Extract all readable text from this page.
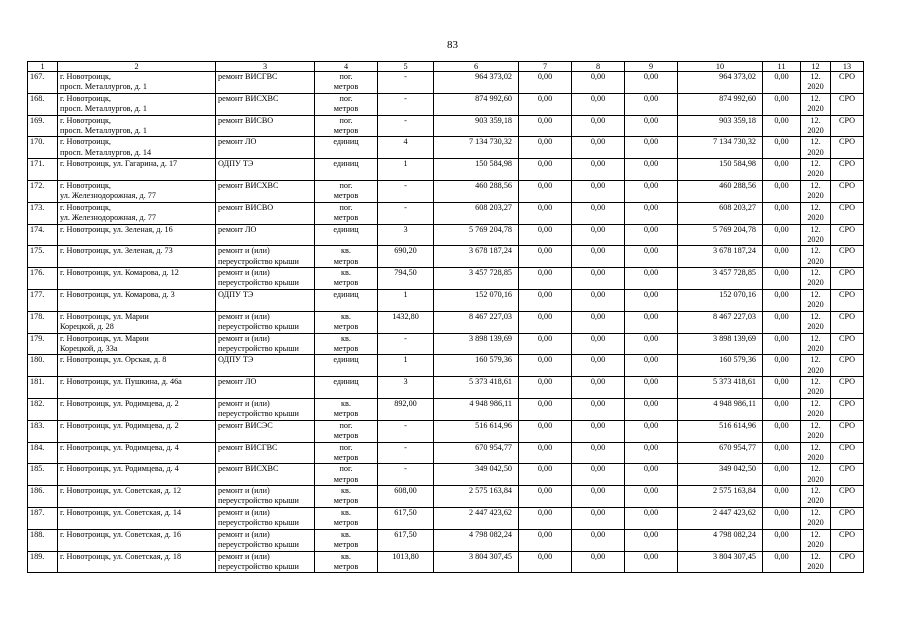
83
1	2	3	4	5	6	7	8	9	10	11	12	13
167.	г. Новотроицк,
просп. Металлургов, д. 1	ремонт ВИСГВС	пог.
метров	-	964 373,02	0,00	0,00	0,00	964 373,02	0,00	12.
2020	СРО
168.	г. Новотроицк,
просп. Металлургов, д. 1	ремонт ВИСХВС	пог.
метров	-	874 992,60	0,00	0,00	0,00	874 992,60	0,00	12.
2020	СРО
169.	г. Новотроицк,
просп. Металлургов, д. 1	ремонт ВИСВО	пог.
метров	-	903 359,18	0,00	0,00	0,00	903 359,18	0,00	12.
2020	СРО
170.	г. Новотроицк,
просп. Металлургов, д. 14	ремонт ЛО	единиц	4	7 134 730,32	0,00	0,00	0,00	7 134 730,32	0,00	12.
2020	СРО
171.	г. Новотроицк, ул. Гагарина, д. 17	ОДПУ ТЭ	единиц	1	150 584,98	0,00	0,00	0,00	150 584,98	0,00	12.
2020	СРО
172.	г. Новотроицк,
ул. Железнодорожная, д. 77	ремонт ВИСХВС	пог.
метров	-	460 288,56	0,00	0,00	0,00	460 288,56	0,00	12.
2020	СРО
173.	г. Новотроицк,
ул. Железнодорожная, д. 77	ремонт ВИСВО	пог.
метров	-	608 203,27	0,00	0,00	0,00	608 203,27	0,00	12.
2020	СРО
174.	г. Новотроицк, ул. Зеленая, д. 16	ремонт ЛО	единиц	3	5 769 204,78	0,00	0,00	0,00	5 769 204,78	0,00	12.
2020	СРО
175.	г. Новотроицк, ул. Зеленая, д. 73	ремонт и (или)
переустройство крыши	кв.
метров	690,20	3 678 187,24	0,00	0,00	0,00	3 678 187,24	0,00	12.
2020	СРО
176.	г. Новотроицк, ул. Комарова, д. 12	ремонт и (или)
переустройство крыши	кв.
метров	794,50	3 457 728,85	0,00	0,00	0,00	3 457 728,85	0,00	12.
2020	СРО
177.	г. Новотроицк, ул. Комарова, д. 3	ОДПУ ТЭ	единиц	1	152 070,16	0,00	0,00	0,00	152 070,16	0,00	12.
2020	СРО
178.	г. Новотроицк, ул. Марии
Корецкой, д. 28	ремонт и (или)
переустройство крыши	кв.
метров	1432,80	8 467 227,03	0,00	0,00	0,00	8 467 227,03	0,00	12.
2020	СРО
179.	г. Новотроицк, ул. Марии
Корецкой, д. 33а	ремонт и (или)
переустройство крыши	кв.
метров	-	3 898 139,69	0,00	0,00	0,00	3 898 139,69	0,00	12.
2020	СРО
180.	г. Новотроицк, ул. Орская, д. 8	ОДПУ ТЭ	единиц	1	160 579,36	0,00	0,00	0,00	160 579,36	0,00	12.
2020	СРО
181.	г. Новотроицк, ул. Пушкина, д. 46а	ремонт ЛО	единиц	3	5 373 418,61	0,00	0,00	0,00	5 373 418,61	0,00	12.
2020	СРО
182.	г. Новотроицк, ул. Родимцева, д. 2	ремонт и (или)
переустройство крыши	кв.
метров	892,00	4 948 986,11	0,00	0,00	0,00	4 948 986,11	0,00	12.
2020	СРО
183.	г. Новотроицк, ул. Родимцева, д. 2	ремонт ВИСЭС	пог.
метров	-	516 614,96	0,00	0,00	0,00	516 614,96	0,00	12.
2020	СРО
184.	г. Новотроицк, ул. Родимцева, д. 4	ремонт ВИСГВС	пог.
метров	-	670 954,77	0,00	0,00	0,00	670 954,77	0,00	12.
2020	СРО
185.	г. Новотроицк, ул. Родимцева, д. 4	ремонт ВИСХВС	пог.
метров	-	349 042,50	0,00	0,00	0,00	349 042,50	0,00	12.
2020	СРО
186.	г. Новотроицк, ул. Советская, д. 12	ремонт и (или)
переустройство крыши	кв.
метров	608,00	2 575 163,84	0,00	0,00	0,00	2 575 163,84	0,00	12.
2020	СРО
187.	г. Новотроицк, ул. Советская, д. 14	ремонт и (или)
переустройство крыши	кв.
метров	617,50	2 447 423,62	0,00	0,00	0,00	2 447 423,62	0,00	12.
2020	СРО
188.	г. Новотроицк, ул. Советская, д. 16	ремонт и (или)
переустройство крыши	кв.
метров	617,50	4 798 082,24	0,00	0,00	0,00	4 798 082,24	0,00	12.
2020	СРО
189.	г. Новотроицк, ул. Советская, д. 18	ремонт и (или)
переустройство крыши	кв.
метров	1013,80	3 804 307,45	0,00	0,00	0,00	3 804 307,45	0,00	12.
2020	СРО
